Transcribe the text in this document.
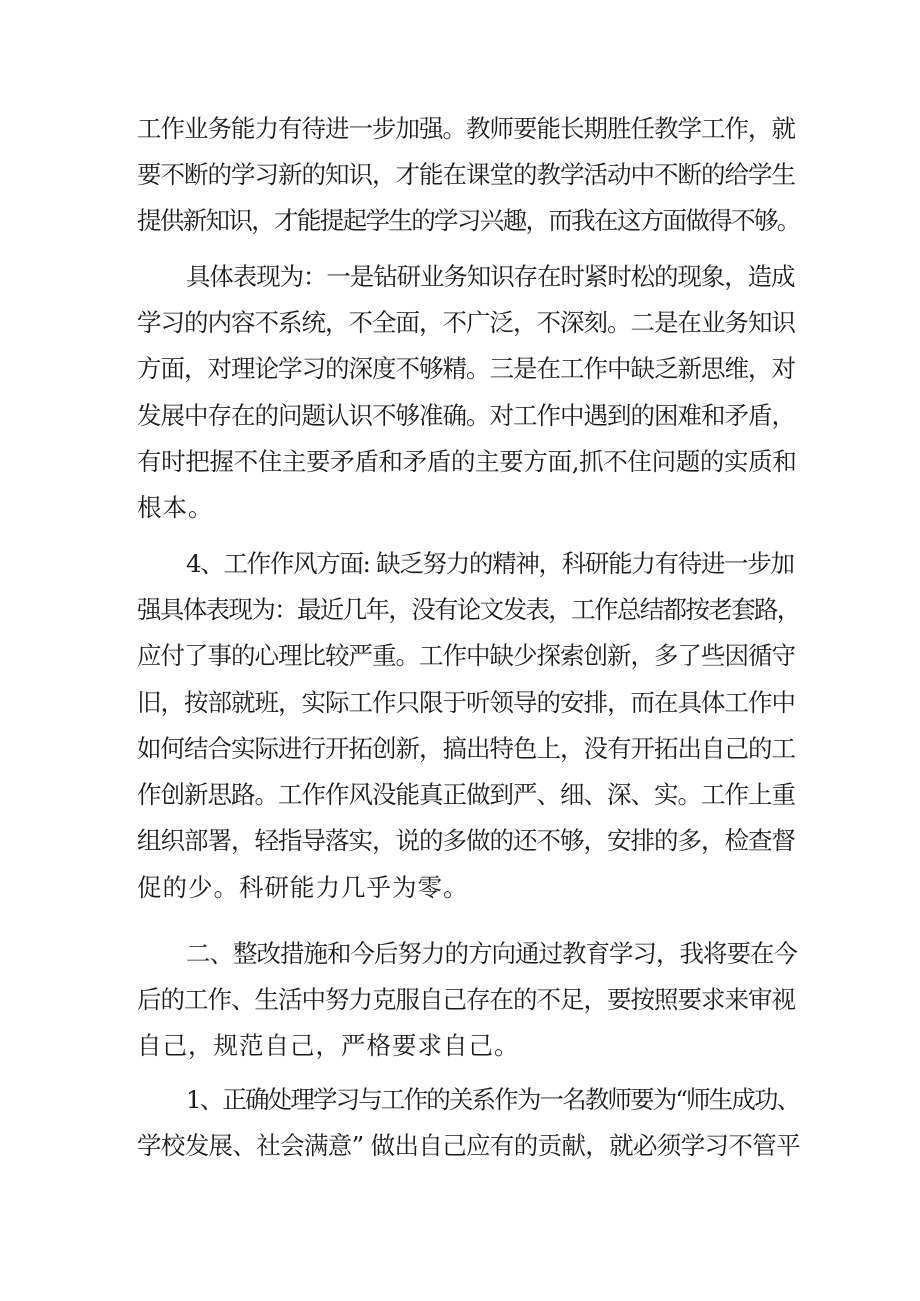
工作业务能力有待进一步加强。教师要能长期胜任教学工作，就
要不断的学习新的知识，才能在课堂的教学活动中不断的给学生
提供新知识，才能提起学生的学习兴趣，而我在这方面做得不够。
具体表现为：一是钻研业务知识存在时紧时松的现象，造成
学习的内容不系统，不全面，不广泛，不深刻。二是在业务知识
方面，对理论学习的深度不够精。三是在工作中缺乏新思维，对
发展中存在的问题认识不够准确。对工作中遇到的困难和矛盾，
有时把握不住主要矛盾和矛盾的主要方面,抓不住问题的实质和
根本。
4、工作作风方面: 缺乏努力的精神，科研能力有待进一步加
强具体表现为：最近几年，没有论文发表，工作总结都按老套路，
应付了事的心理比较严重。工作中缺少探索创新，多了些因循守
旧，按部就班，实际工作只限于听领导的安排，而在具体工作中
如何结合实际进行开拓创新，搞出特色上，没有开拓出自己的工
作创新思路。工作作风没能真正做到严、细、深、实。工作上重
组织部署，轻指导落实，说的多做的还不够，安排的多，检查督
促的少。科研能力几乎为零。
二、整改措施和今后努力的方向通过教育学习，我将要在今
后的工作、生活中努力克服自己存在的不足，要按照要求来审视
自己，规范自己，严格要求自己。
1、正确处理学习与工作的关系作为一名教师要为“师生成功、
学校发展、社会满意” 做出自己应有的贡献，就必须学习不管平
